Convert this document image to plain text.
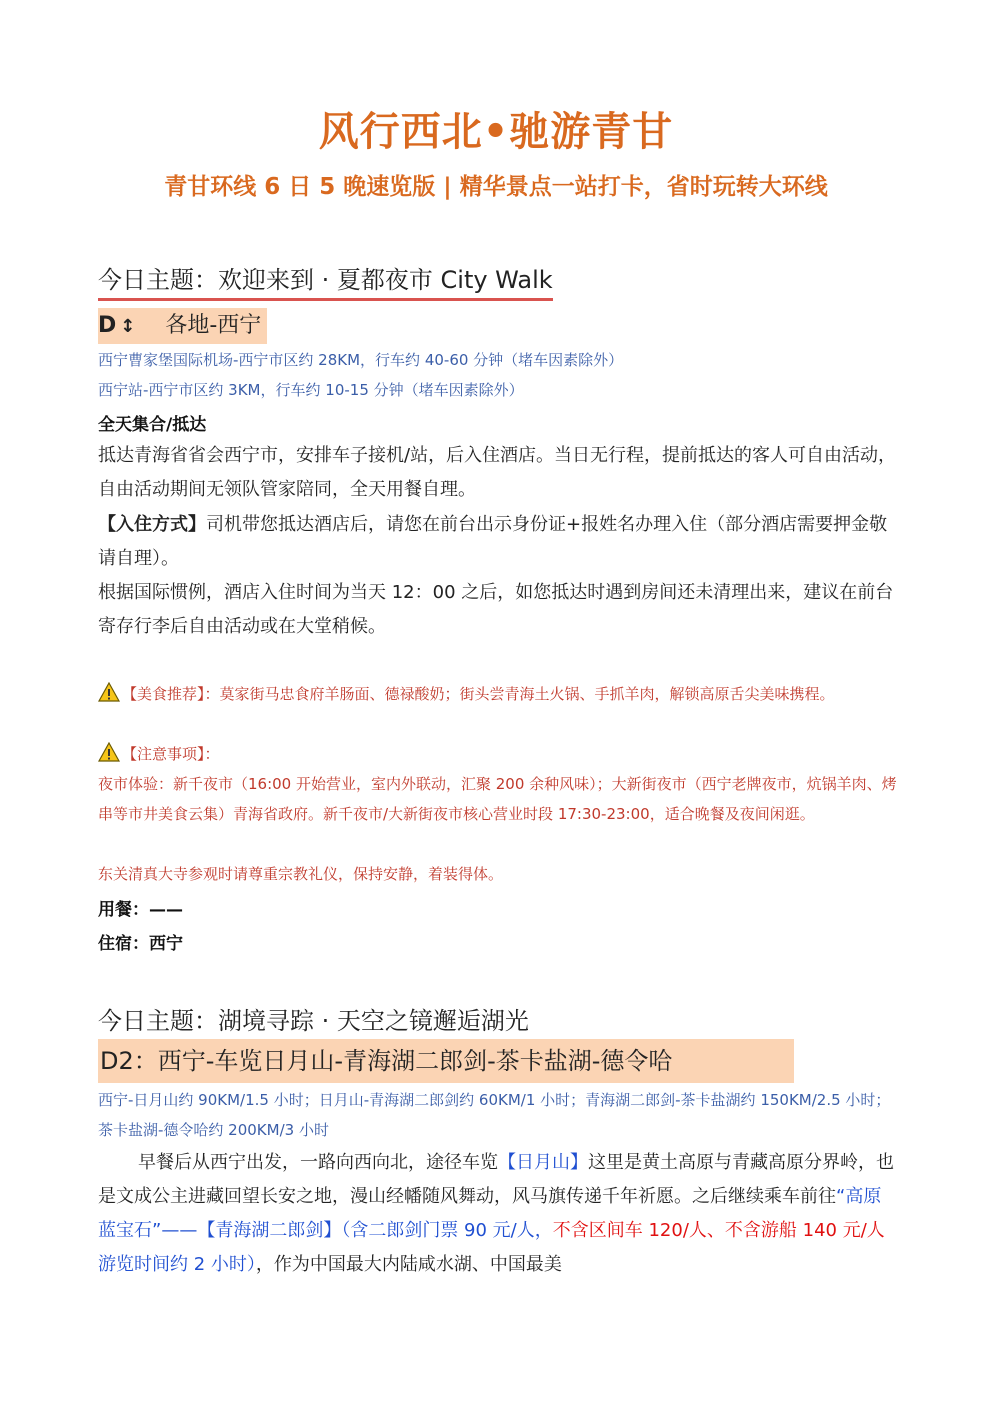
风行西北•驰游青甘
青甘环线 6 日 5 晚速览版 | 精华景点一站打卡，省时玩转大环线
今日主题：欢迎来到 · 夏都夜市 City Walk
D ↕ 各地-西宁
西宁曹家堡国际机场-西宁市区约 28KM，行车约 40-60 分钟（堵车因素除外）
西宁站-西宁市区约 3KM，行车约 10-15 分钟（堵车因素除外）
全天集合/抵达
抵达青海省省会西宁市，安排车子接机/站，后入住酒店。当日无行程，提前抵达的客人可自由活动，自由活动期间无领队管家陪同，全天用餐自理。
【入住方式】司机带您抵达酒店后，请您在前台出示身份证+报姓名办理入住（部分酒店需要押金敬请自理）。
根据国际惯例，酒店入住时间为当天 12：00 之后，如您抵达时遇到房间还未清理出来，建议在前台寄存行李后自由活动或在大堂稍候。
【美食推荐】：莫家街马忠食府羊肠面、德禄酸奶；街头尝青海土火锅、手抓羊肉，解锁高原舌尖美味携程。
【注意事项】：
夜市体验：新千夜市（16:00 开始营业，室内外联动，汇聚 200 余种风味）；大新街夜市（西宁老牌夜市，炕锅羊肉、烤串等市井美食云集）青海省政府。新千夜市/大新街夜市核心营业时段 17:30-23:00，适合晚餐及夜间闲逛。
东关清真大寺参观时请尊重宗教礼仪，保持安静，着装得体。
用餐：——
住宿：西宁
今日主题：湖境寻踪 · 天空之镜邂逅湖光
D2：西宁-车览日月山-青海湖二郎剑-茶卡盐湖-德令哈
西宁-日月山约 90KM/1.5 小时；日月山-青海湖二郎剑约 60KM/1 小时；青海湖二郎剑-茶卡盐湖约 150KM/2.5 小时；茶卡盐湖-德令哈约 200KM/3 小时
早餐后从西宁出发，一路向西向北，途径车览【日月山】这里是黄土高原与青藏高原分界岭，也是文成公主进藏回望长安之地，漫山经幡随风舞动，风马旗传递千年祈愿。之后继续乘车前往“高原蓝宝石”——【青海湖二郎剑】（含二郎剑门票 90 元/人，不含区间车 120/人、不含游船 140 元/人 游览时间约 2 小时），作为中国最大内陆咸水湖、中国最美
